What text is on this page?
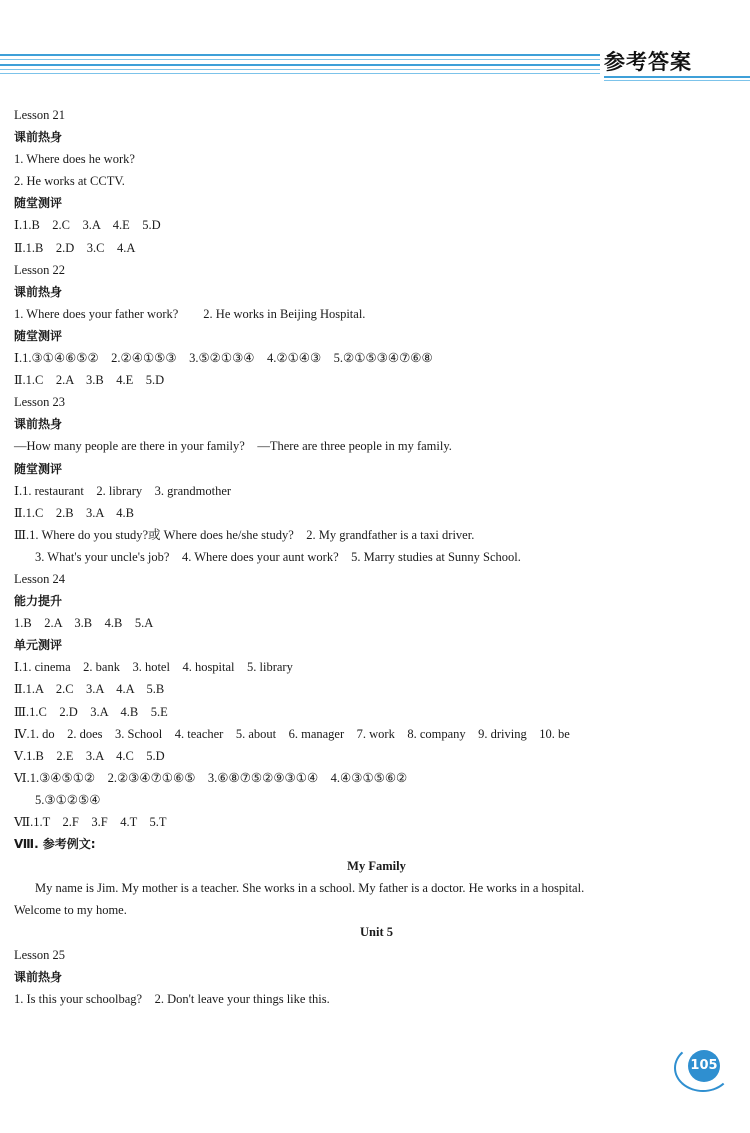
参考答案
Lesson 21
课前热身
1. Where does he work?
2. He works at CCTV.
随堂测评
Ⅰ.1.B　2.C　3.A　4.E　5.D
Ⅱ.1.B　2.D　3.C　4.A
Lesson 22
课前热身
1. Where does your father work?　　2. He works in Beijing Hospital.
随堂测评
Ⅰ.1.③①④⑥⑤②　2.②④①⑤③　3.⑤②①③④　4.②①④③　5.②①⑤③④⑦⑥⑧
Ⅱ.1.C　2.A　3.B　4.E　5.D
Lesson 23
课前热身
—How many people are there in your family?　—There are three people in my family.
随堂测评
Ⅰ.1. restaurant　2. library　3. grandmother
Ⅱ.1.C　2.B　3.A　4.B
Ⅲ.1. Where do you study?或 Where does he/she study?　2. My grandfather is a taxi driver.
3. What's your uncle's job?　4. Where does your aunt work?　5. Marry studies at Sunny School.
Lesson 24
能力提升
1.B　2.A　3.B　4.B　5.A
单元测评
Ⅰ.1. cinema　2. bank　3. hotel　4. hospital　5. library
Ⅱ.1.A　2.C　3.A　4.A　5.B
Ⅲ.1.C　2.D　3.A　4.B　5.E
Ⅳ.1. do　2. does　3. School　4. teacher　5. about　6. manager　7. work　8. company　9. driving　10. be
Ⅴ.1.B　2.E　3.A　4.C　5.D
Ⅵ.1.③④⑤①②　2.②③④⑦①⑥⑤　3.⑥⑧⑦⑤②⑨③①④　4.④③①⑤⑥②
5.③①②⑤④
Ⅶ.1.T　2.F　3.F　4.T　5.T
Ⅷ. 参考例文:
My Family
My name is Jim. My mother is a teacher. She works in a school. My father is a doctor. He works in a hospital.
Welcome to my home.
Unit 5
Lesson 25
课前热身
1. Is this your schoolbag?　2. Don't leave your things like this.
105
